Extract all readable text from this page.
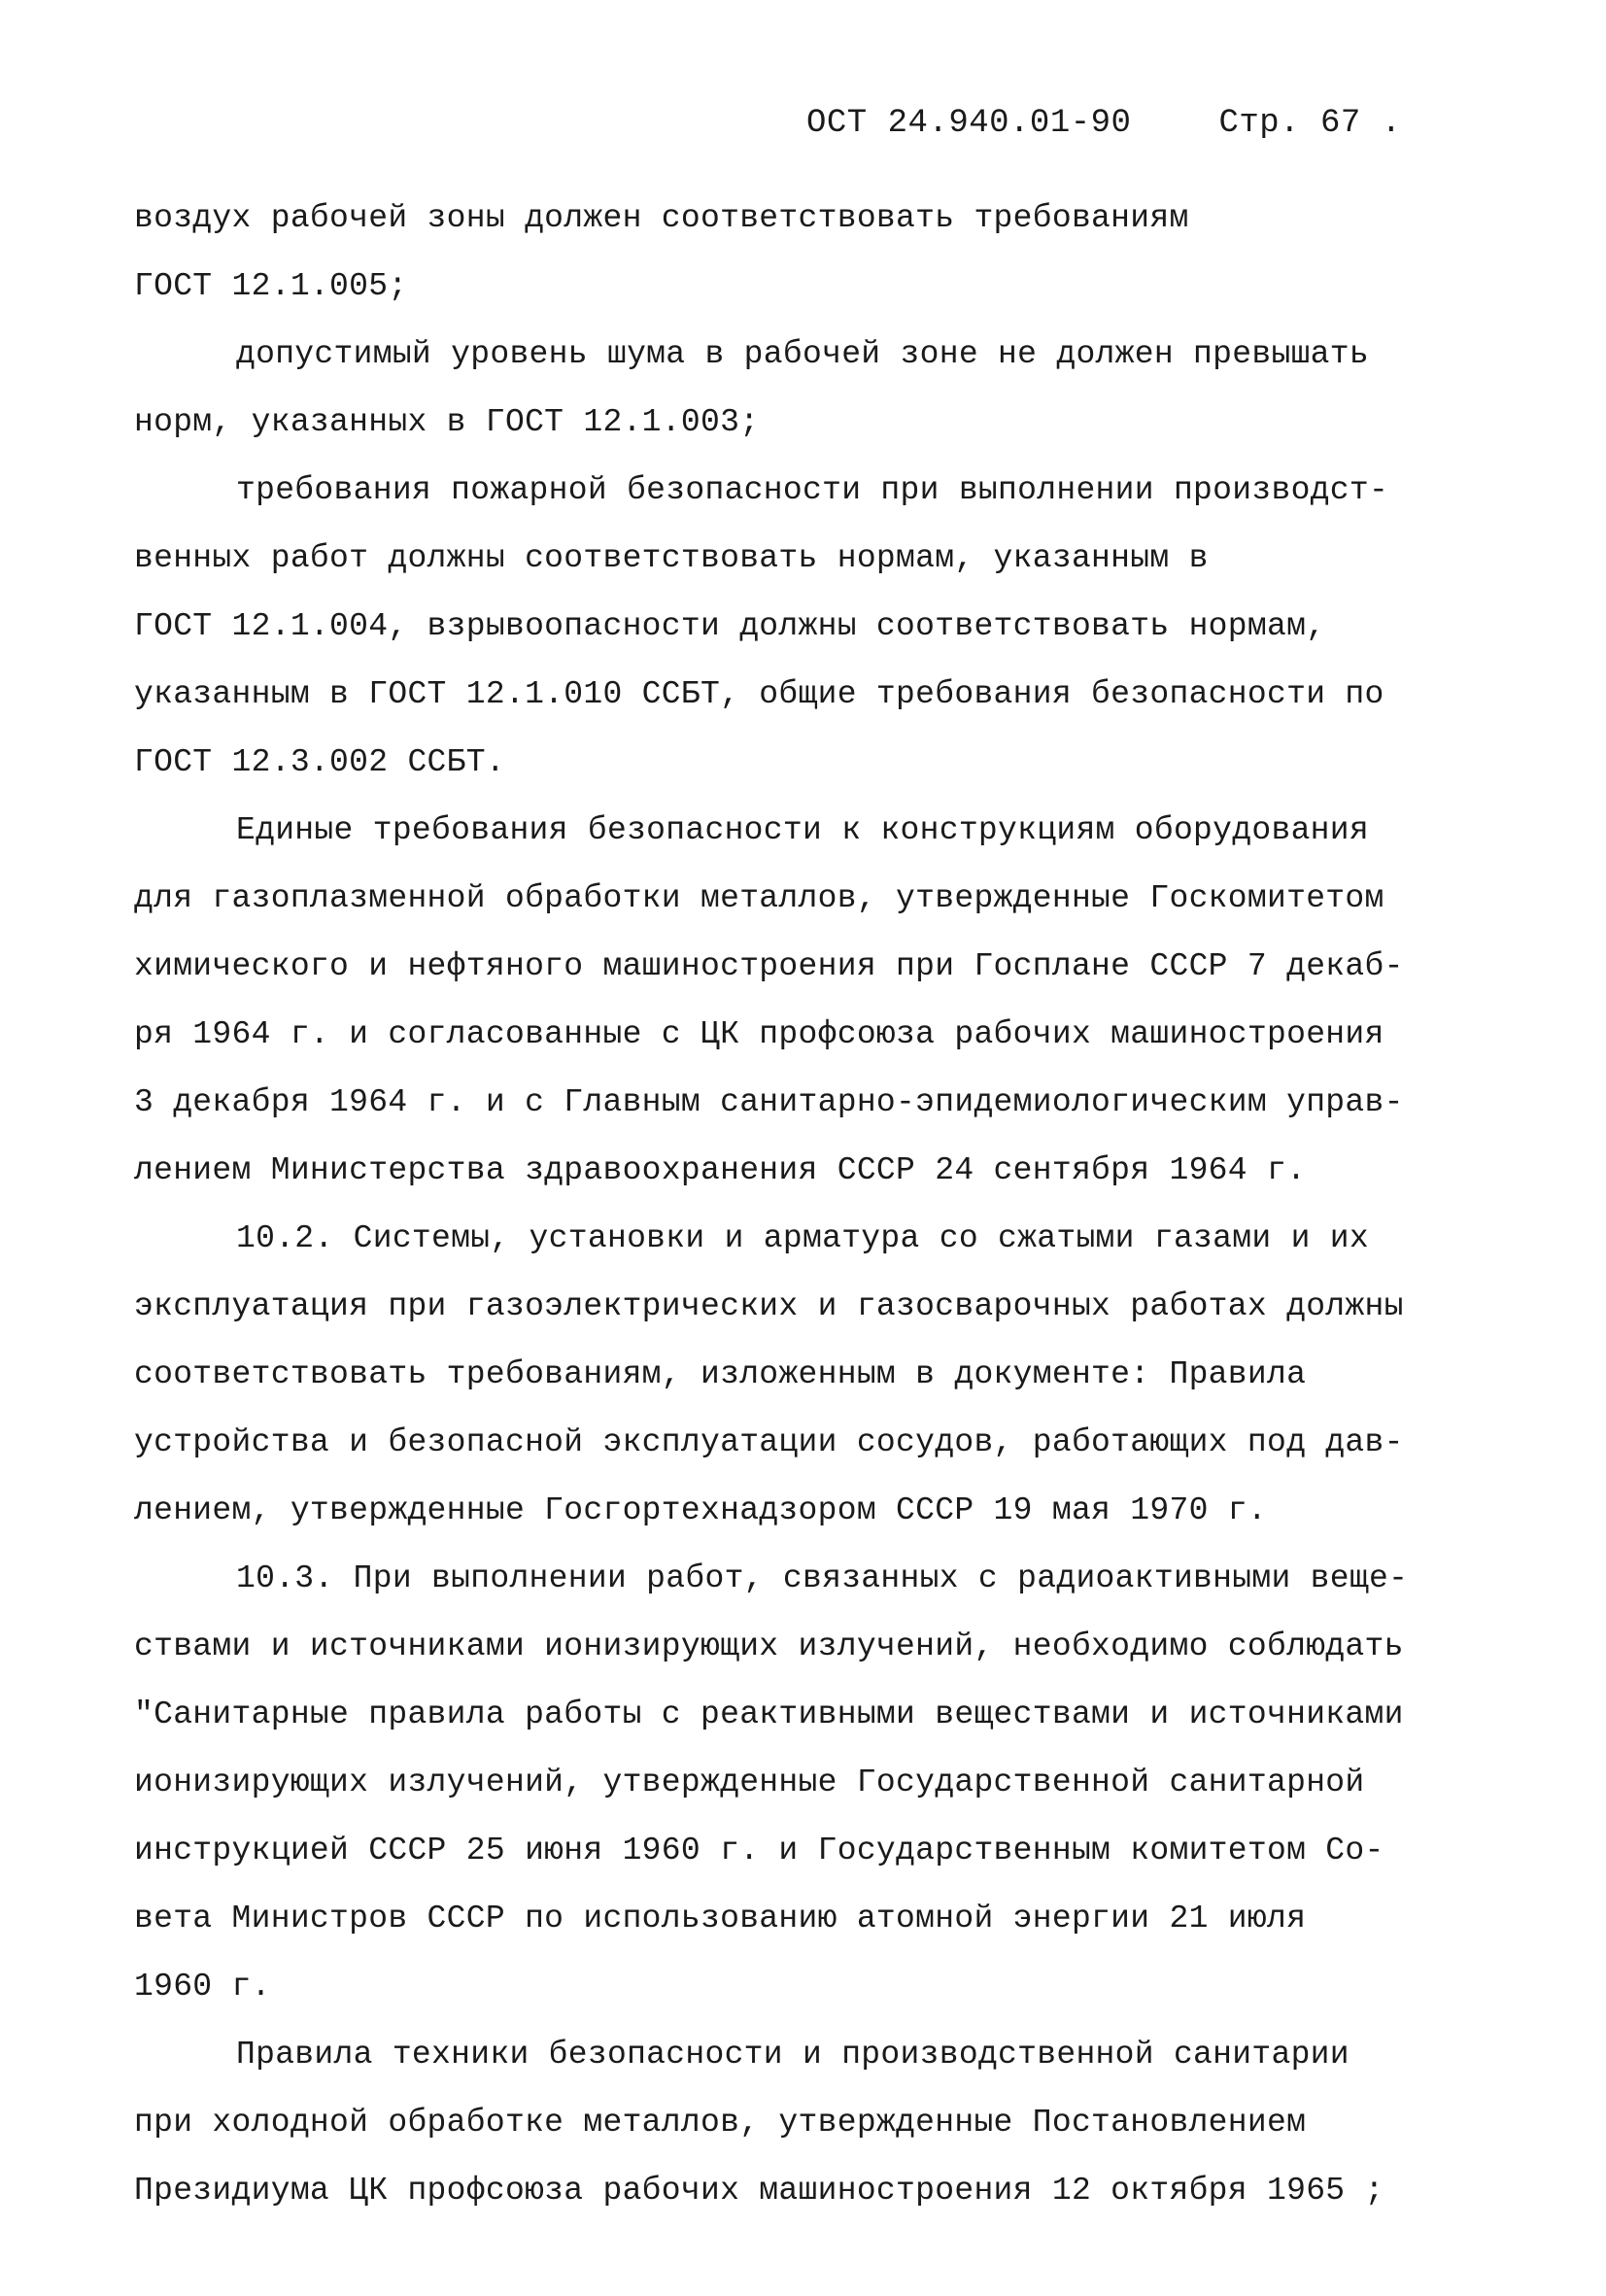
ОСТ 24.940.01-90	Стр. 67 .
воздух рабочей зоны должен соответствовать требованиям
ГОСТ 12.1.005;
допустимый уровень шума в рабочей зоне не должен превышать
норм, указанных в ГОСТ 12.1.003;
требования пожарной безопасности при выполнении производст-
венных работ должны соответствовать нормам, указанным в
ГОСТ 12.1.004, взрывоопасности должны соответствовать нормам,
указанным в ГОСТ 12.1.010 ССБТ, общие требования безопасности по
ГОСТ 12.3.002 ССБТ.
Единые требования безопасности к конструкциям оборудования
для газоплазменной обработки металлов, утвержденные Госкомитетом
химического и нефтяного машиностроения при Госплане СССР 7 декаб-
ря 1964 г. и согласованные с ЦК профсоюза рабочих машиностроения
3 декабря 1964 г. и с Главным санитарно-эпидемиологическим управ-
лением Министерства здравоохранения СССР 24 сентября 1964 г.
10.2. Системы, установки и арматура со сжатыми газами и их
эксплуатация при газоэлектрических и газосварочных работах должны
соответствовать требованиям, изложенным в документе: Правила
устройства и безопасной эксплуатации сосудов, работающих под дав-
лением, утвержденные Госгортехнадзором СССР 19 мая 1970 г.
10.3. При выполнении работ, связанных с радиоактивными веще-
ствами и источниками ионизирующих излучений, необходимо соблюдать
"Санитарные правила работы с реактивными веществами и источниками
ионизирующих излучений, утвержденные Государственной санитарной
инструкцией СССР 25 июня 1960 г. и Государственным комитетом Со-
вета Министров СССР по использованию атомной энергии 21 июля
1960 г.
Правила техники безопасности и производственной санитарии
при холодной обработке металлов, утвержденные Постановлением
Президиума ЦК профсоюза рабочих машиностроения 12 октября 1965 ;
